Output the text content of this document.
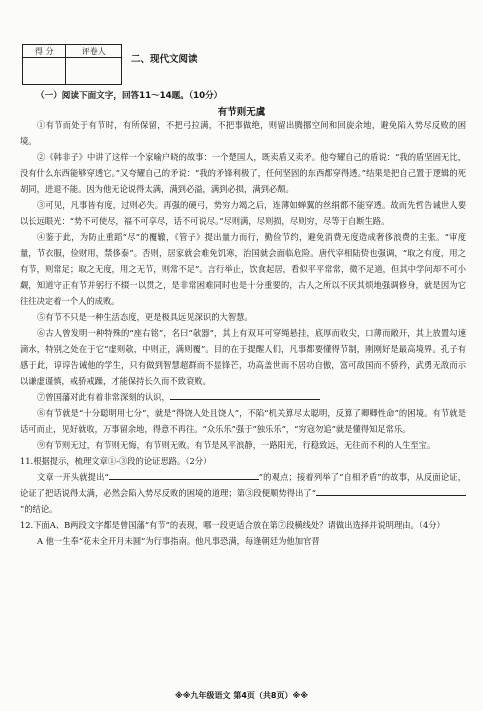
得 分	评卷人

二、现代文阅读
（一）阅读下面文字，回答11～14题。（10分）
有节则无虞

①有节而处于有节时，有所保留，不把弓拉满，不把事做绝，则留出腾挪空间和回旋余地，避免陷入势尽反败的困境。

②《韩非子》中讲了这样一个家喻户晓的故事：一个楚国人，既卖盾又卖矛。他夸耀自己的盾说：“我的盾坚固无比，没有什么东西能够穿透它。”又夸耀自己的矛说：“我的矛锋利极了，任何坚固的东西都穿得透。”结果是把自己置于逻辑的死胡同，进退不能。因为他无论说得太满，满到必溢，满到必损，满到必颓。

③可见，凡事皆有度，过则必失。再强的硬弓，势穷力竭之后，连薄如蝉翼的丝绢都不能穿透。故而先哲告诫世人要以长远眼光：“势不可使尽，福不可享尽，话不可说尽。”尽则满，尽则损，尽则穷，尽等于自断生路。

④鉴于此，为防止重蹈“尽”的覆辙，《管子》提出量力而行，勤俭节约，避免消费无度造成奢侈浪费的主张。“审度量，节衣服，俭财用，禁侈泰”。否则，居家就会难免饥寒，治国就会面临危险。唐代宰相陆贽也强调，“取之有度，用之有节，则常足；取之无度，用之无节，则常不足”。言行举止，饮食起居，看似平平常常，微不足道，但其中学问却不可小觑，知道守正有节并躬行不辍一以贯之，是非常困难同时也是十分重要的，古人之所以不厌其烦地强调修身，就是因为它往往决定着一个人的成败。

⑤有节不只是一种生活态度，更是极具远见深识的大智慧。

⑥古人曾发明一种特殊的“座右铭”，名曰“欹器”，其上有双耳可穿绳悬挂，底厚而收尖，口薄而敞开，其上放置勾速滴水，特别之处在于它“虚则欹，中则正，满则覆”。目的在于提醒人们，凡事都要懂得节制，刚刚好是最高境界。孔子有感于此，谆谆告诫他的学生，只有做到智慧超群而不显锋芒，功高盖世而不居功自傲，富可敌国而不骄矜，武勇无敌而示以谦虚谨慎，戒骄戒躁，才能保持长久而不致衰败。

⑦曾国藩对此有着非常深刻的认识，

⑧有节就是“十分聪明用七分”，就是“得饶人处且饶人”，不陷“机关算尽太聪明，反算了卿卿性命”的困境。有节就是话可而止，见好就收，万事留余地，得意不再往。“众乐乐”强于“独乐乐”，“穷寇勿追”就是懂得知足常乐。

⑨有节则无过，有节则无悔，有节则无败。有节是风平浪静，一路阳光，行稳致远，无往而不利的人生至宝。

11.根据提示，梳理文章①-③段的论证思路。（2分）

文章一开头就提出“	”的观点；接着列举了“自相矛盾”的故事，从反面论证，论证了把话说得太满，必然会陷入势尽反败的困境的道理；第③段便顺势得出了“”的结论。

12.下面A、B两段文字都是曾国藩“有节”的表现，哪一段更适合放在第⑦段横线处？请做出选择并说明理由。（4分）

A 他一生奉“花未全开月未圆”为行事指南。他凡事恐满，每逢朝廷为他加官晋

※※九年级语文 第4页（共8页）※※
